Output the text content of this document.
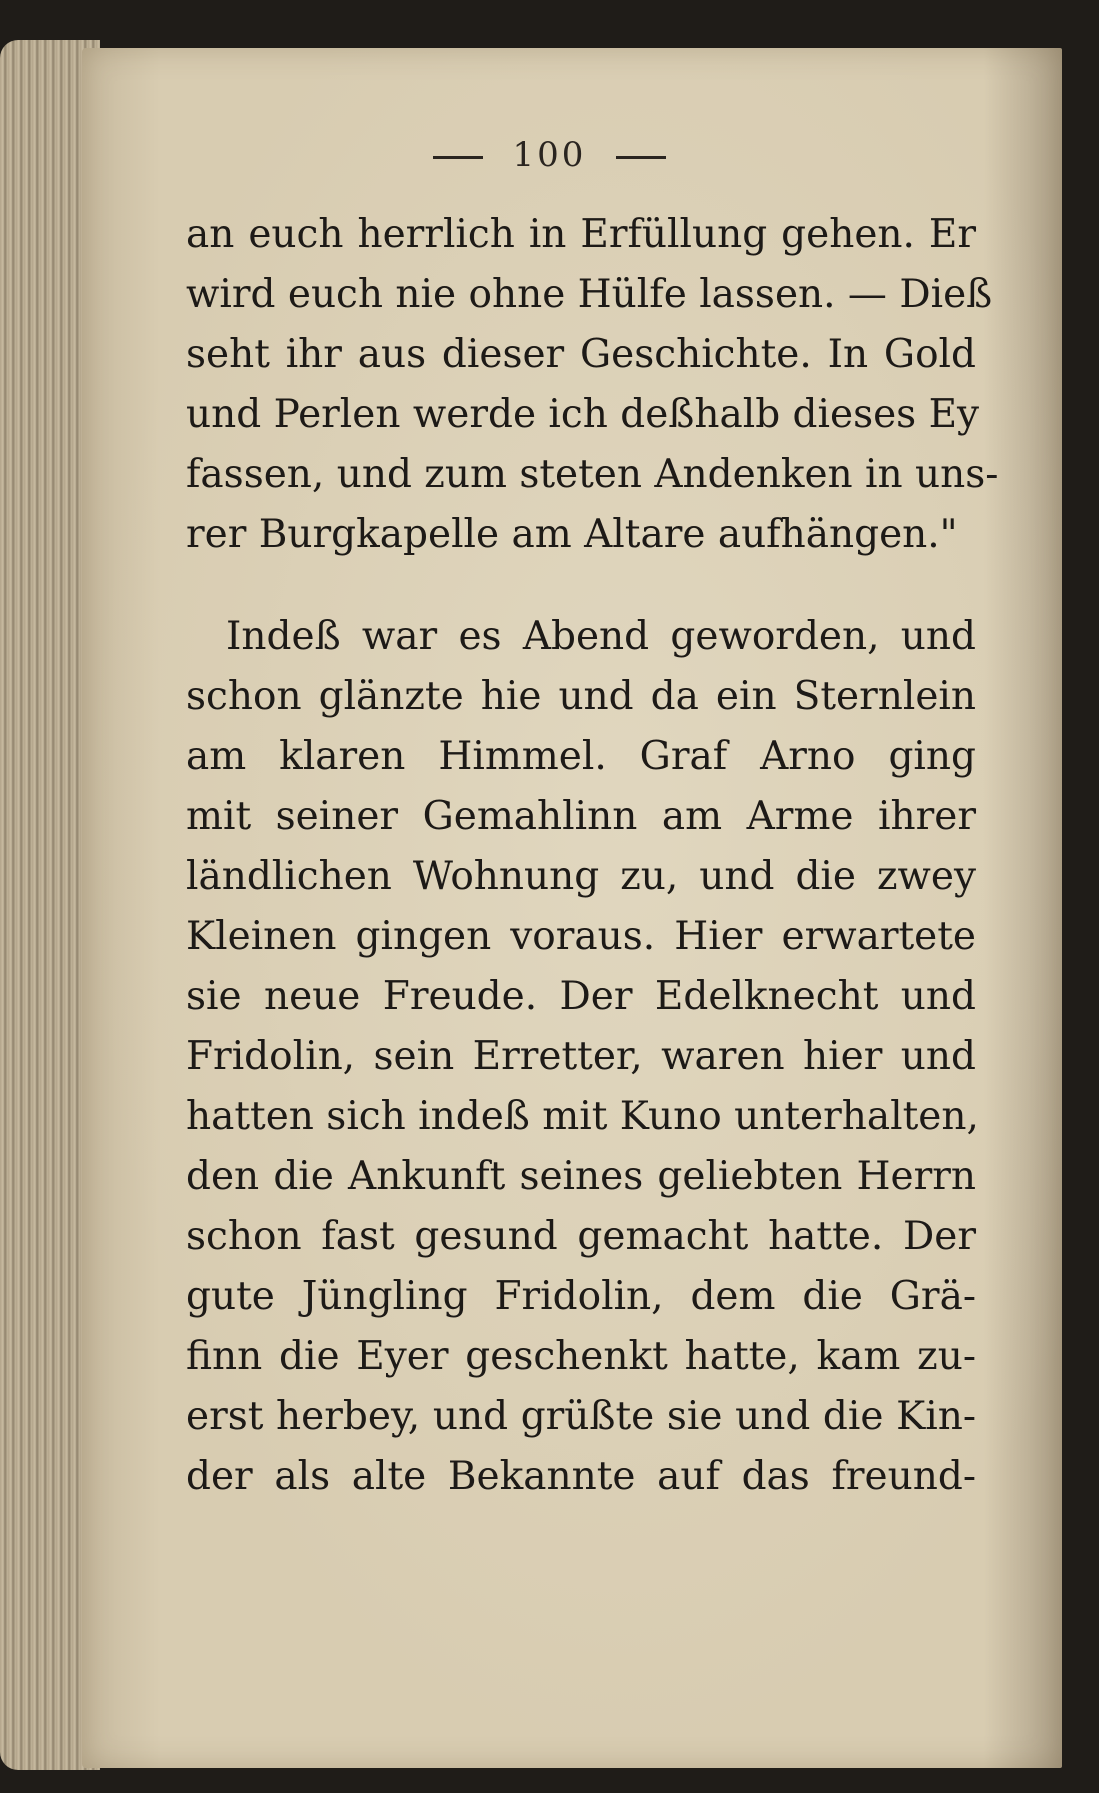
100
an euch herrlich in Erfüllung gehen. Er
wird euch nie ohne Hülfe lassen. — Dieß
seht ihr aus dieser Geschichte. In Gold
und Perlen werde ich deßhalb dieses Ey
fassen, und zum steten Andenken in uns-
rer Burgkapelle am Altare aufhängen."
Indeß war es Abend geworden, und
schon glänzte hie und da ein Sternlein
am klaren Himmel. Graf Arno ging
mit seiner Gemahlinn am Arme ihrer
ländlichen Wohnung zu, und die zwey
Kleinen gingen voraus. Hier erwartete
sie neue Freude. Der Edelknecht und
Fridolin, sein Erretter, waren hier und
hatten sich indeß mit Kuno unterhalten,
den die Ankunft seines geliebten Herrn
schon fast gesund gemacht hatte. Der
gute Jüngling Fridolin, dem die Grä-
finn die Eyer geschenkt hatte, kam zu-
erst herbey, und grüßte sie und die Kin-
der als alte Bekannte auf das freund-
